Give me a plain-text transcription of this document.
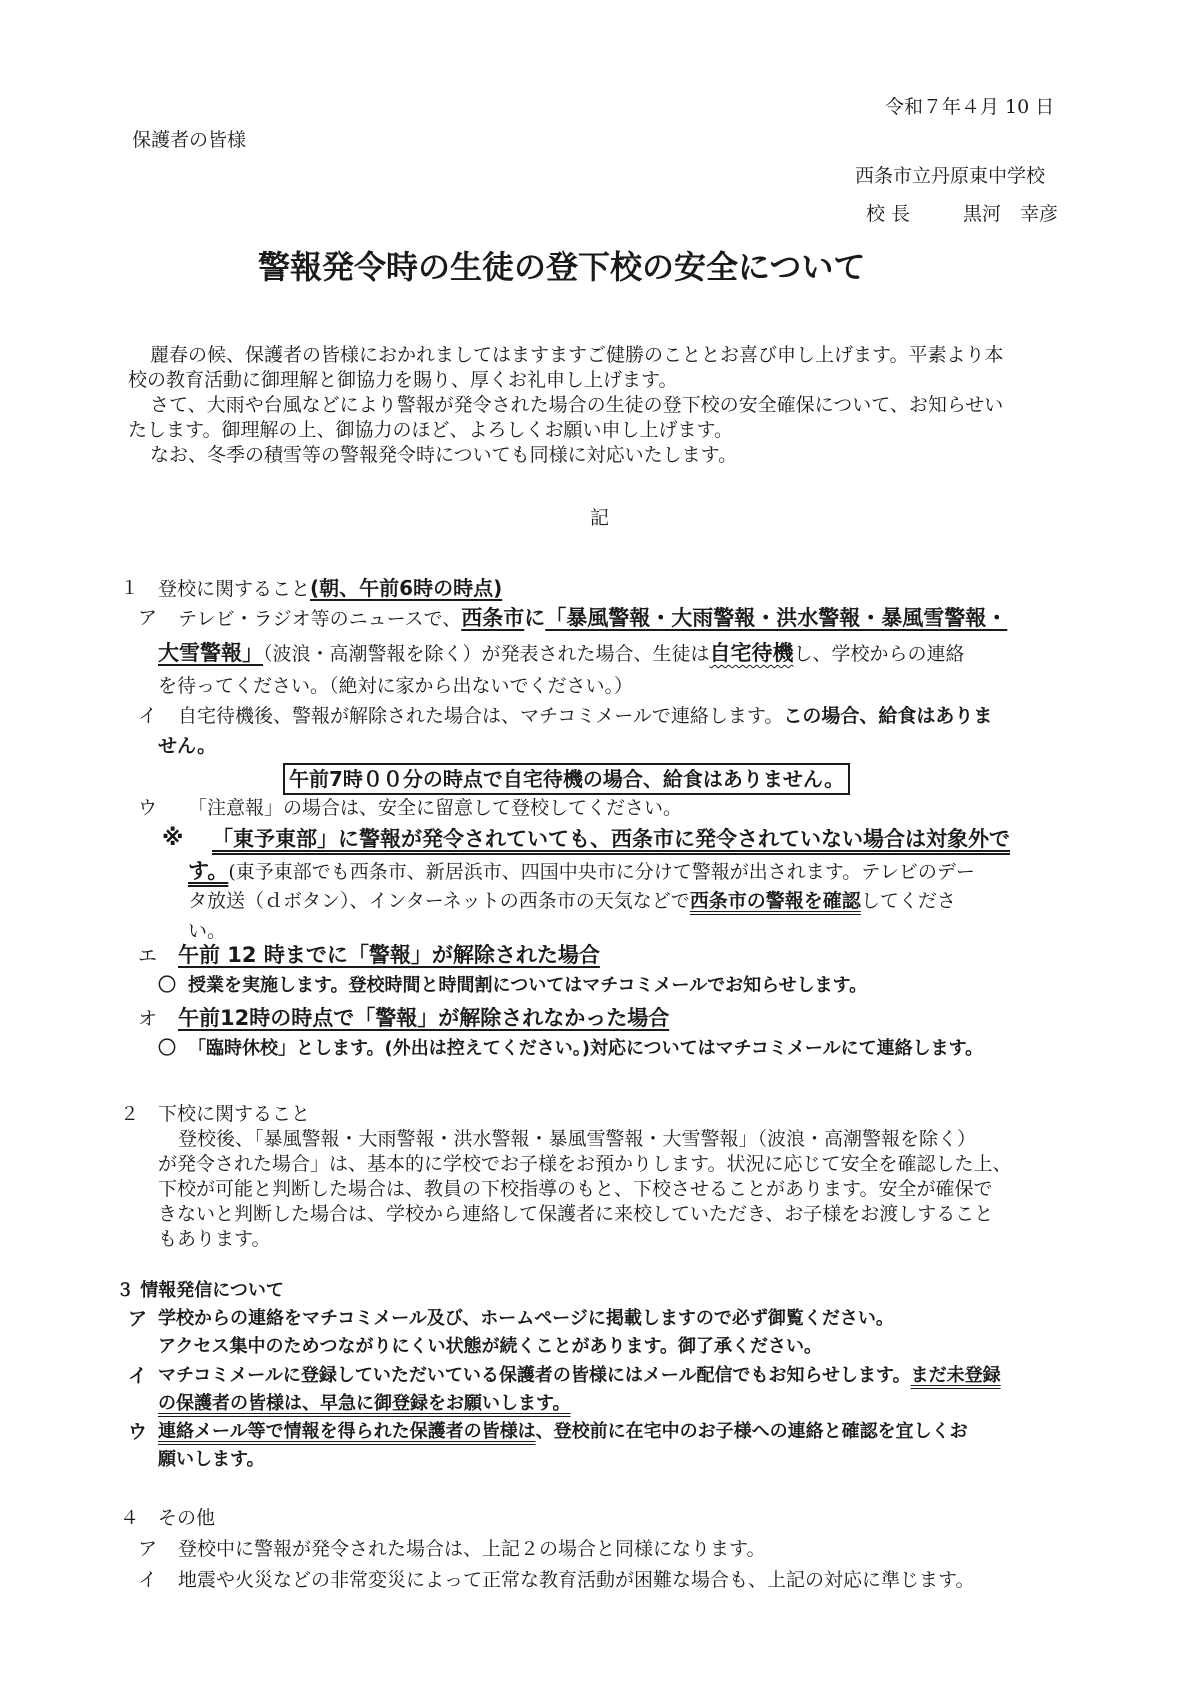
令和７年４月 10 日
保護者の皆様
西条市立丹原東中学校
校 長	黒河　幸彦
警報発令時の生徒の登下校の安全について
麗春の候、保護者の皆様におかれましてはますますご健勝のこととお喜び申し上げます。平素より本
校の教育活動に御理解と御協力を賜り、厚くお礼申し上げます。
さて、大雨や台風などにより警報が発令された場合の生徒の登下校の安全確保について、お知らせい
たします。御理解の上、御協力のほど、よろしくお願い申し上げます。
なお、冬季の積雪等の警報発令時についても同様に対応いたします。
記
１ 登校に関すること(朝、午前6時の時点)
ア テレビ・ラジオ等のニュースで、西条市に「暴風警報・大雨警報・洪水警報・暴風雪警報・
大雪警報」（波浪・高潮警報を除く）が発表された場合、生徒は自宅待機し、学校からの連絡
を待ってください。（絶対に家から出ないでください。）
イ 自宅待機後、警報が解除された場合は、マチコミメールで連絡します。この場合、給食はありま
せん。
午前7時００分の時点で自宅待機の場合、給食はありません。
ウ 「注意報」の場合は、安全に留意して登校してください。
※ 「東予東部」に警報が発令されていても、西条市に発令されていない場合は対象外で
す。(東予東部でも西条市、新居浜市、四国中央市に分けて警報が出されます。テレビのデー
タ放送（ｄボタン）、インターネットの西条市の天気などで西条市の警報を確認してくださ
い。
エ 午前 12 時までに「警報」が解除された場合
〇 授業を実施します。登校時間と時間割についてはマチコミメールでお知らせします。
オ 午前12時の時点で「警報」が解除されなかった場合
〇 「臨時休校」とします。(外出は控えてください。)対応についてはマチコミメールにて連絡します。
２ 下校に関すること
登校後、「暴風警報・大雨警報・洪水警報・暴風雪警報・大雪警報」（波浪・高潮警報を除く）
が発令された場合」は、基本的に学校でお子様をお預かりします。状況に応じて安全を確認した上、
下校が可能と判断した場合は、教員の下校指導のもと、下校させることがあります。安全が確保で
きないと判断した場合は、学校から連絡して保護者に来校していただき、お子様をお渡しすること
もあります。
３ 情報発信について
ア 学校からの連絡をマチコミメール及び、ホームページに掲載しますので必ず御覧ください。
アクセス集中のためつながりにくい状態が続くことがあります。御了承ください。
イ マチコミメールに登録していただいている保護者の皆様にはメール配信でもお知らせします。まだ未登録
の保護者の皆様は、早急に御登録をお願いします。
ウ 連絡メール等で情報を得られた保護者の皆様は、登校前に在宅中のお子様への連絡と確認を宜しくお
願いします。
４ その他
ア 登校中に警報が発令された場合は、上記２の場合と同様になります。
イ 地震や火災などの非常変災によって正常な教育活動が困難な場合も、上記の対応に準じます。
